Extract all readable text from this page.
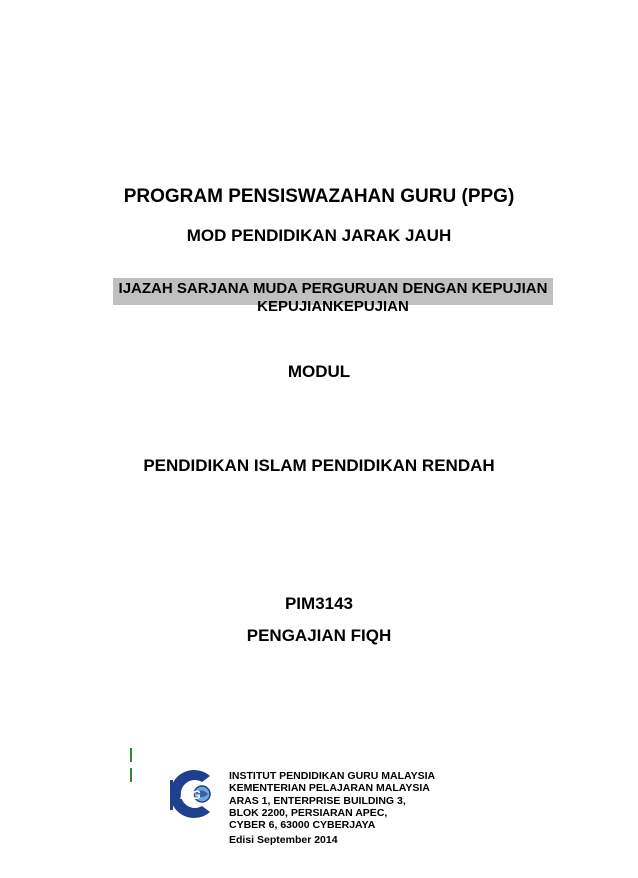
PROGRAM PENSISWAZAHAN GURU (PPG)
MOD PENDIDIKAN JARAK JAUH
IJAZAH SARJANA MUDA PERGURUAN DENGAN KEPUJIAN
KEPUJIANKEPUJIAN
MODUL
PENDIDIKAN ISLAM PENDIDIKAN RENDAH
PIM3143
PENGAJIAN FIQH
IPG
INSTITUT PENDIDIKAN GURU MALAYSIA
KEMENTERIAN PELAJARAN MALAYSIA
ARAS 1, ENTERPRISE BUILDING 3,
BLOK 2200, PERSIARAN APEC,
CYBER 6, 63000 CYBERJAYA
Edisi September 2014
